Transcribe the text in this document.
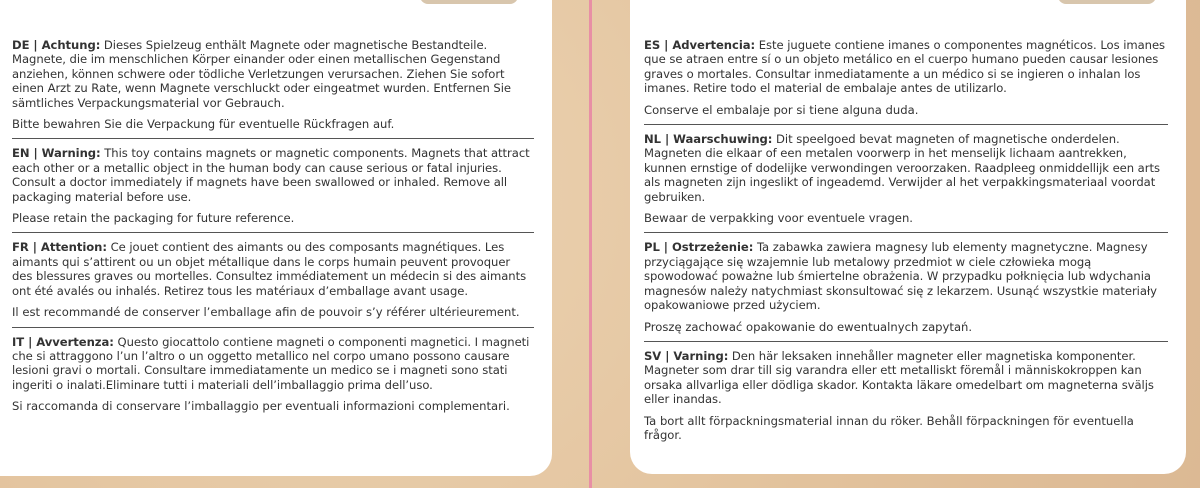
DE | Achtung: Dieses Spielzeug enthält Magnete oder magnetische Bestandteile. Magnete, die im menschlichen Körper einander oder einen metallischen Gegenstand anziehen, können schwere oder tödliche Verletzungen verursachen. Ziehen Sie sofort einen Arzt zu Rate, wenn Magnete verschluckt oder eingeatmet wurden. Entfernen Sie sämtliches Verpackungsmaterial vor Gebrauch.

Bitte bewahren Sie die Verpackung für eventuelle Rückfragen auf.

EN | Warning: This toy contains magnets or magnetic components. Magnets that attract each other or a metallic object in the human body can cause serious or fatal injuries. Consult a doctor immediately if magnets have been swallowed or inhaled. Remove all packaging material before use.

Please retain the packaging for future reference.

FR | Attention: Ce jouet contient des aimants ou des composants magnétiques. Les aimants qui s’attirent ou un objet métallique dans le corps humain peuvent provoquer des blessures graves ou mortelles. Consultez immédiatement un médecin si des aimants ont été avalés ou inhalés. Retirez tous les matériaux d’emballage avant usage.

Il est recommandé de conserver l’emballage afin de pouvoir s’y référer ultérieurement.

IT | Avvertenza: Questo giocattolo contiene magneti o componenti magnetici. I magneti che si attraggono l’un l’altro o un oggetto metallico nel corpo umano possono causare lesioni gravi o mortali. Consultare immediatamente un medico se i magneti sono stati ingeriti o inalati.Eliminare tutti i materiali dell’imballaggio prima dell’uso.

Si raccomanda di conservare l’imballaggio per eventuali informazioni complementari.

ES | Advertencia: Este juguete contiene imanes o componentes magnéticos. Los imanes que se atraen entre sí o un objeto metálico en el cuerpo humano pueden causar lesiones graves o mortales. Consultar inmediatamente a un médico si se ingieren o inhalan los imanes. Retire todo el material de embalaje antes de utilizarlo.

Conserve el embalaje por si tiene alguna duda.

NL | Waarschuwing: Dit speelgoed bevat magneten of magnetische onderdelen. Magneten die elkaar of een metalen voorwerp in het menselijk lichaam aantrekken, kunnen ernstige of dodelijke verwondingen veroorzaken. Raadpleeg onmiddellijk een arts als magneten zijn ingeslikt of ingeademd. Verwijder al het verpakkingsmateriaal voordat gebruiken.

Bewaar de verpakking voor eventuele vragen.

PL | Ostrzeżenie: Ta zabawka zawiera magnesy lub elementy magnetyczne. Magnesy przyciągające się wzajemnie lub metalowy przedmiot w ciele człowieka mogą spowodować poważne lub śmiertelne obrażenia. W przypadku połknięcia lub wdychania magnesów należy natychmiast skonsultować się z lekarzem. Usunąć wszystkie materiały opakowaniowe przed użyciem.

Proszę zachować opakowanie do ewentualnych zapytań.

SV | Varning: Den här leksaken innehåller magneter eller magnetiska komponenter. Magneter som drar till sig varandra eller ett metalliskt föremål i människokroppen kan orsaka allvarliga eller dödliga skador. Kontakta läkare omedelbart om magneterna sväljs eller inandas.

Ta bort allt förpackningsmaterial innan du röker. Behåll förpackningen för eventuella frågor.
